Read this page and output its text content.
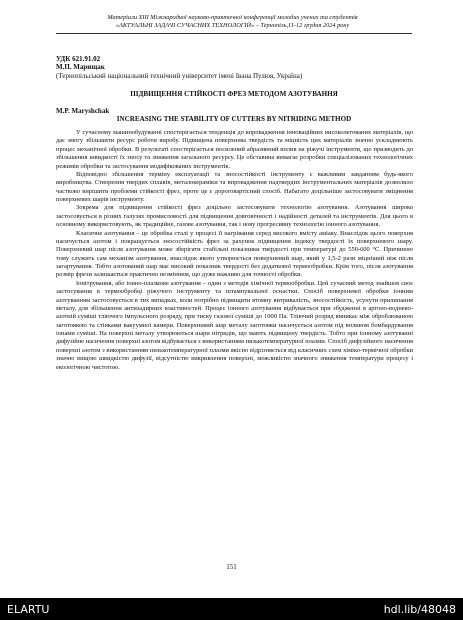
Матеріали XIII Міжнародної науково-практичної конференції молодих учених та студентів
«АКТУАЛЬНІ ЗАДАЧІ СУЧАСНИХ ТЕХНОЛОГІЙ» – Тернопіль,11-12 грудня 2024 року
УДК 621.91.02
М.П. Марищак
(Тернопільський національний технічний університет імені Івана Пулюя, Україна)
ПІДВИЩЕННЯ СТІЙКОСТІ ФРЕЗ МЕТОДОМ АЗОТУВАННЯ
M.P. Maryshchak
INCREASING THE STABILITY OF CUTTERS BY NITRIDING METHOD

У сучасному машинобудуванні спостерігається тенденція до впровадження інноваційних високолегованих матеріалів, що дає змогу збільшити ресурс роботи виробу. Підвищена поверхнева твердість та міцність цих матеріалів значно ускладнюють процес механічної обробки. В результаті спостерігається посилений абразивний вплив на ріжучі інструменти, що призводить до збільшення швидкості їх зносу та зниження загального ресурсу. Це обставина вимагає розробки спеціалізованих технологічних режимів обробки та застосування модифікованих інструментів.

Відповідно збільшення терміну експлуатації та зносостійкості інструменту є важливим завданням будь-якого виробництва. Створення твердих сплавів, металокераміки та впровадження надтвердих інструментальних матеріалів дозволило частково вирішити проблеми стійкості фрез, проте це є дороговартісний спосіб. Набагато доцільніше застосовувати зміцнення поверхневих шарів інструменту.

Зокрема для підвищення стійкості фрез доцільно застосовувати технологію азотування. Азотування широко застосовується в різних галузях промисловості для підвищення довговічності і надійності деталей та інструментів. Для цього в основному використовують, як традиційне, газове азотування, так і нову прогресивну технологію іонного азотування.

Класичне азотування – це обробка сталі у процесі її нагрівання серед високого вмісту аміаку. Внаслідок цього поверхня насичується азотом і покращується зносостійкість фрез за рахунок підвищення індексу твердості їх поверхневого шару. Поверхневий шар після азотування може зберігати стабільні показники твердості при температурі до 550-600 °С. Причиною тому служить сам механізм азотування, внаслідок якого утворюється поверхневий шар, який у 1,5-2 рази міцніший ніж після загартування. Тобто азотований шар має високий показник твердості без додаткової термообробки. Крім того, після азотування розмір фрези залишається практично незмінним, що дуже важливо для точності обробки.

Іонітрування, або іонно-плазмове азотування – один з методів хімічної термообробки. Цей сучасний метод знайшов своє застосування в термообробці ріжучого інструменту та штампувальної оснастки. Спосіб поверхневої обробки іонним азотуванням застосовується в тих випадках, коли потрібно підвищити втомну витривалість, зносостійкість, усунути прилипання металу, для збільшення антизадирних властивостей. Процес іонного азотування відбувається при збудженні в аргоно-воднево-азотній суміші тліючого імпульсного розряду, при тиску газової суміші до 1000 Па. Тліючий розряд виникає між оброблюваною заготовкою та стінками вакуумної камери. Поверхневий шар металу заготовки насичується азотом під впливом бомбардування іонами суміші. На поверхні металу утворюються шари нітридів, що мають підвищену твердість. Тобто при іонному азотуванні дифузійне насичення поверхні азотом відбувається з використанням низькотемпературної плазми. Спосіб дифузійного насичення поверхні азотом з використанням низькотемпературної плазми якісно відрізняється від класичних схем хіміко-термічної обробки значно вищою швидкістю дифузії, відсутністю викривлення поверхні, можливістю значного зниження температури процесу і екологічною чистотою.

151
ELARTU	hdl.lib/48048
